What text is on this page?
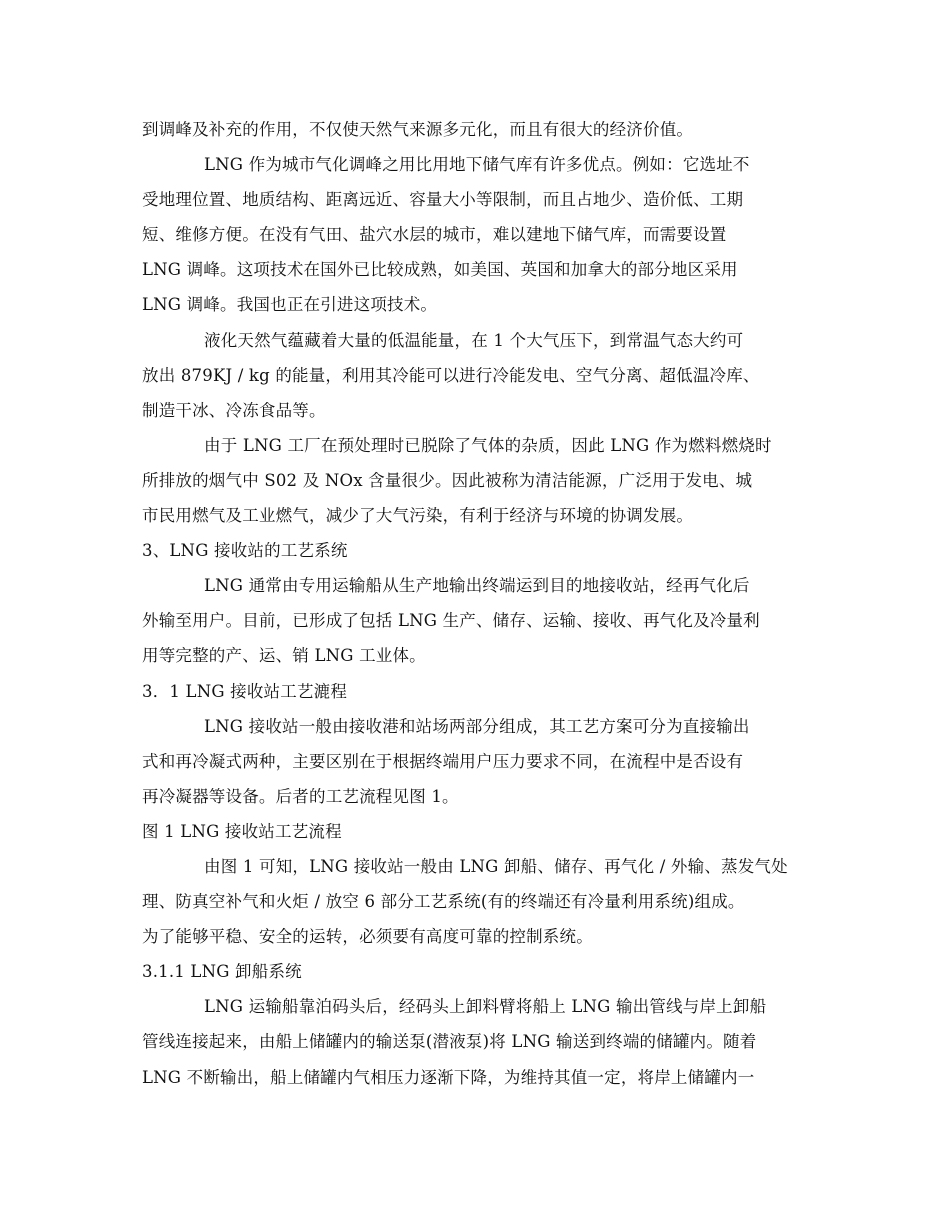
到调峰及补充的作用，不仅使天然气来源多元化，而且有很大的经济价值。
LNG 作为城市气化调峰之用比用地下储气库有许多优点。例如：它选址不
受地理位置、地质结构、距离远近、容量大小等限制，而且占地少、造价低、工期
短、维修方便。在没有气田、盐穴水层的城市，难以建地下储气库，而需要设置
LNG 调峰。这项技术在国外已比较成熟，如美国、英国和加拿大的部分地区采用
LNG 调峰。我国也正在引进这项技术。
液化天然气蕴藏着大量的低温能量，在 1 个大气压下，到常温气态大约可
放出 879KJ / kg 的能量，利用其冷能可以进行冷能发电、空气分离、超低温冷库、
制造干冰、冷冻食品等。
由于 LNG 工厂在预处理时已脱除了气体的杂质，因此 LNG 作为燃料燃烧时
所排放的烟气中 S02 及 NOx 含量很少。因此被称为清洁能源，广泛用于发电、城
市民用燃气及工业燃气，减少了大气污染，有利于经济与环境的协调发展。
3、LNG 接收站的工艺系统
LNG 通常由专用运输船从生产地输出终端运到目的地接收站，经再气化后
外输至用户。目前，已形成了包括 LNG 生产、储存、运输、接收、再气化及冷量利
用等完整的产、运、销 LNG 工业体。
3．1 LNG 接收站工艺漉程
LNG 接收站一般由接收港和站场两部分组成，其工艺方案可分为直接输出
式和再冷凝式两种，主要区别在于根据终端用户压力要求不同，在流程中是否设有
再冷凝器等设备。后者的工艺流程见图 1。
图 1 LNG 接收站工艺流程
由图 1 可知，LNG 接收站一般由 LNG 卸船、储存、再气化 / 外输、蒸发气处
理、防真空补气和火炬 / 放空 6 部分工艺系统(有的终端还有冷量利用系统)组成。
为了能够平稳、安全的运转，必须要有高度可靠的控制系统。
3.1.1 LNG 卸船系统
LNG 运输船靠泊码头后，经码头上卸料臂将船上 LNG 输出管线与岸上卸船
管线连接起来，由船上储罐内的输送泵(潜液泵)将 LNG 输送到终端的储罐内。随着
LNG 不断输出，船上储罐内气相压力逐渐下降，为维持其值一定，将岸上储罐内一
